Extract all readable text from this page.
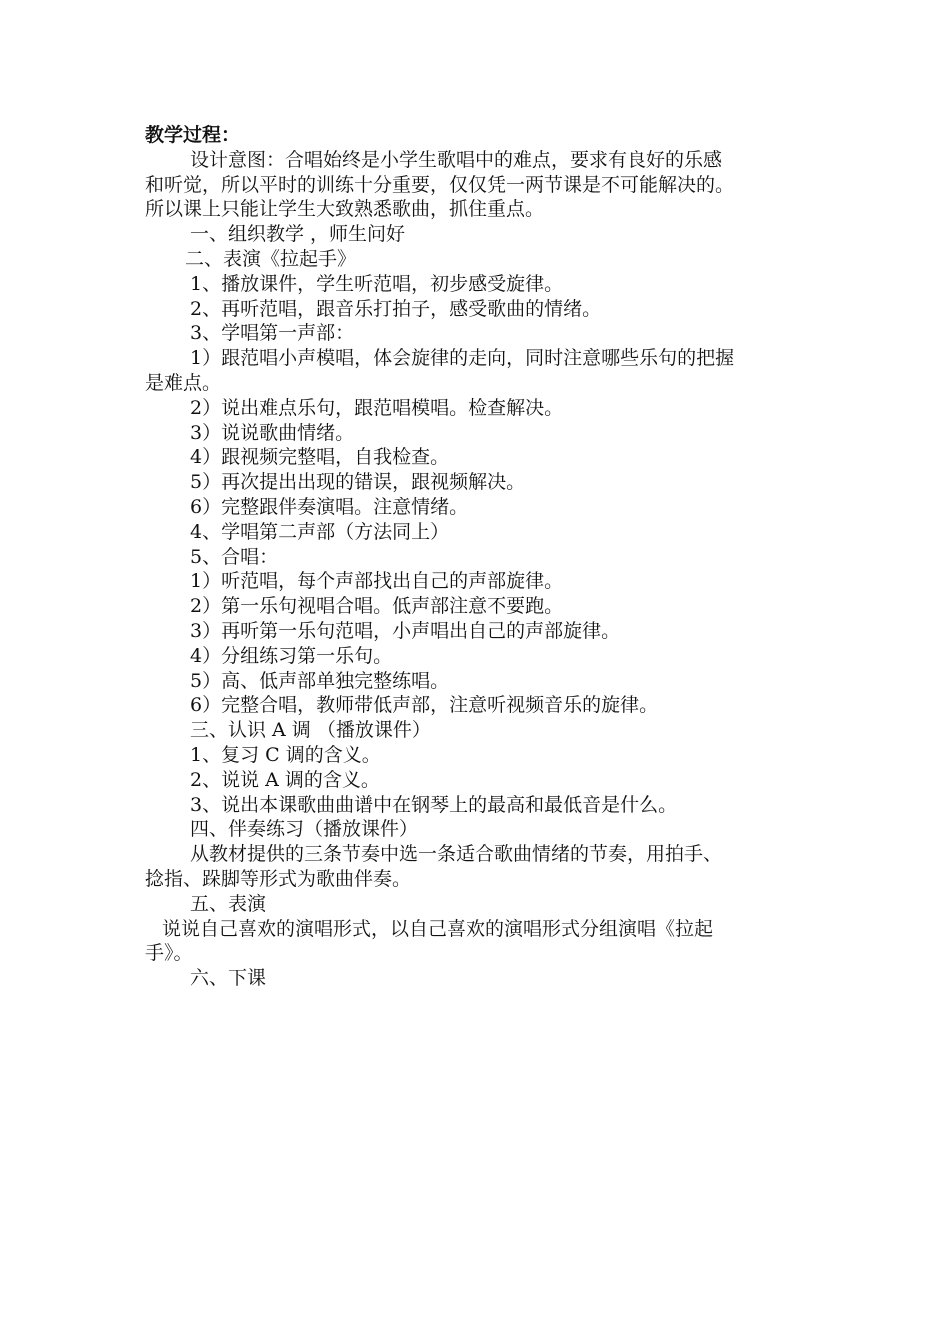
教学过程：
设计意图：合唱始终是小学生歌唱中的难点，要求有良好的乐感
和听觉，所以平时的训练十分重要，仅仅凭一两节课是不可能解决的。
所以课上只能让学生大致熟悉歌曲，抓住重点。
一、组织教学 ，师生问好
二、表演《拉起手》
1、播放课件，学生听范唱，初步感受旋律。
2、再听范唱，跟音乐打拍子，感受歌曲的情绪。
3、学唱第一声部：
1）跟范唱小声模唱，体会旋律的走向，同时注意哪些乐句的把握
是难点。
2）说出难点乐句，跟范唱模唱。检查解决。
3）说说歌曲情绪。
4）跟视频完整唱，自我检查。
5）再次提出出现的错误，跟视频解决。
6）完整跟伴奏演唱。注意情绪。
4、学唱第二声部（方法同上）
5、合唱：
1）听范唱，每个声部找出自己的声部旋律。
2）第一乐句视唱合唱。低声部注意不要跑。
3）再听第一乐句范唱，小声唱出自己的声部旋律。
4）分组练习第一乐句。
5）高、低声部单独完整练唱。
6）完整合唱，教师带低声部，注意听视频音乐的旋律。
三、认识 A 调 （播放课件）
1、复习 C 调的含义。
2、说说 A 调的含义。
3、说出本课歌曲曲谱中在钢琴上的最高和最低音是什么。
四、伴奏练习（播放课件）
从教材提供的三条节奏中选一条适合歌曲情绪的节奏，用拍手、
捻指、跺脚等形式为歌曲伴奏。
五、表演
说说自己喜欢的演唱形式，以自己喜欢的演唱形式分组演唱《拉起
手》。
六、下课
